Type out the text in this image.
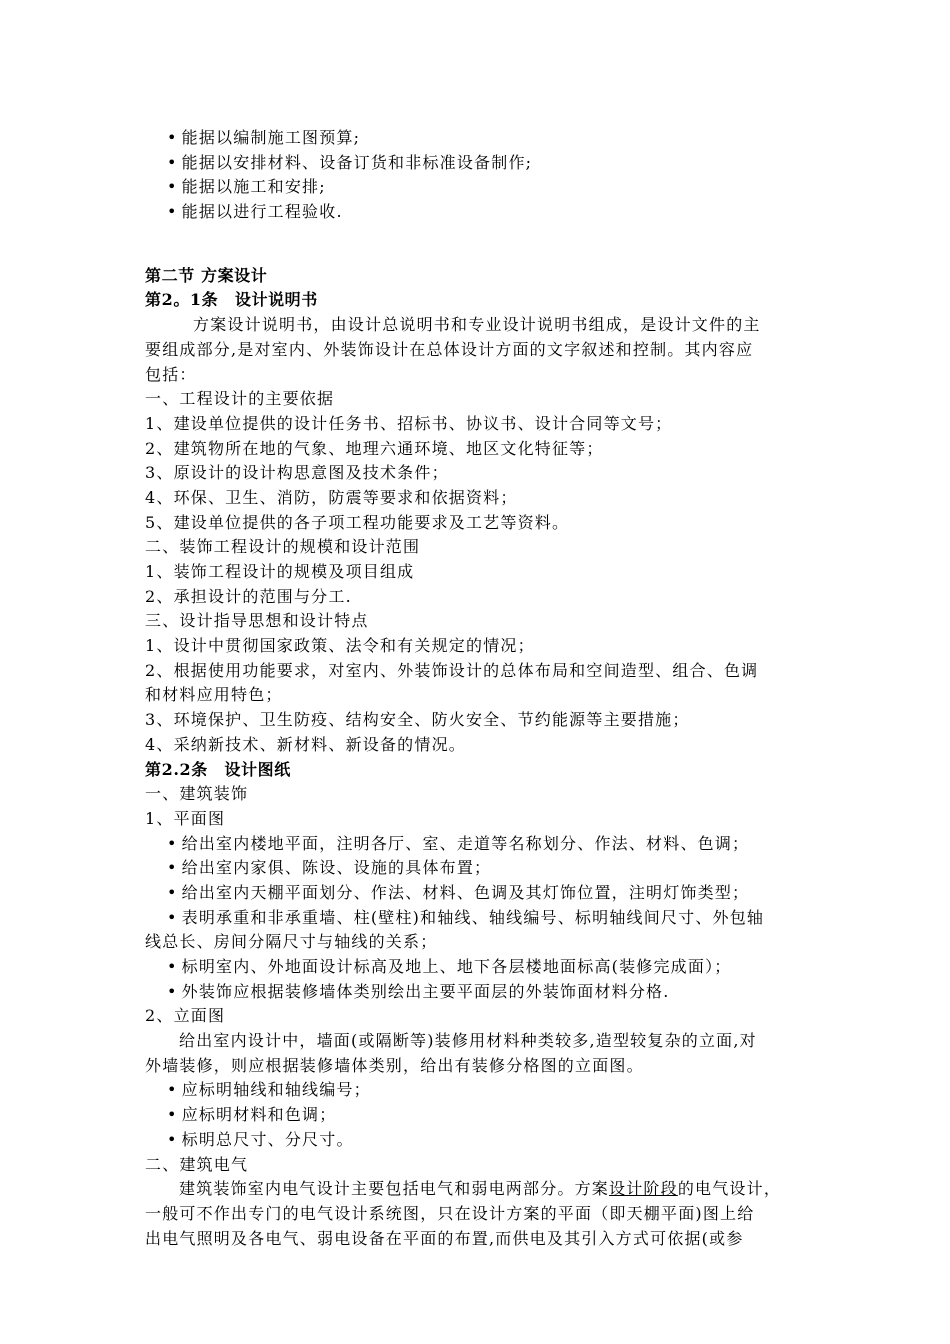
• 能据以编制施工图预算;
• 能据以安排材料、设备订货和非标准设备制作;
• 能据以施工和安排;
• 能据以进行工程验收.
第二节 方案设计
第2。1条　设计说明书
方案设计说明书，由设计总说明书和专业设计说明书组成，是设计文件的主
要组成部分,是对室内、外装饰设计在总体设计方面的文字叙述和控制。其内容应
包括：
一、工程设计的主要依据
1、建设单位提供的设计任务书、招标书、协议书、设计合同等文号；
2、建筑物所在地的气象、地理六通环境、地区文化特征等；
3、原设计的设计构思意图及技术条件；
4、环保、卫生、消防，防震等要求和依据资料；
5、建设单位提供的各子项工程功能要求及工艺等资料。
二、装饰工程设计的规模和设计范围
1、装饰工程设计的规模及项目组成
2、承担设计的范围与分工.
三、设计指导思想和设计特点
1、设计中贯彻国家政策、法令和有关规定的情况；
2、根据使用功能要求，对室内、外装饰设计的总体布局和空间造型、组合、色调
和材料应用特色；
3、环境保护、卫生防疫、结构安全、防火安全、节约能源等主要措施；
4、采纳新技术、新材料、新设备的情况。
第2.2条　设计图纸
一、建筑装饰
1、平面图
• 给出室内楼地平面，注明各厅、室、走道等名称划分、作法、材料、色调；
• 给出室内家俱、陈设、设施的具体布置；
• 给出室内天棚平面划分、作法、材料、色调及其灯饰位置，注明灯饰类型；
• 表明承重和非承重墙、柱(壁柱)和轴线、轴线编号、标明轴线间尺寸、外包轴
线总长、房间分隔尺寸与轴线的关系；
• 标明室内、外地面设计标高及地上、地下各层楼地面标高(装修完成面）；
• 外装饰应根据装修墙体类别绘出主要平面层的外装饰面材料分格.
2、立面图
给出室内设计中，墙面(或隔断等)装修用材料种类较多,造型较复杂的立面,对
外墙装修，则应根据装修墙体类别，给出有装修分格图的立面图。
• 应标明轴线和轴线编号；
• 应标明材料和色调；
• 标明总尺寸、分尺寸。
二、建筑电气
建筑装饰室内电气设计主要包括电气和弱电两部分。方案设计阶段的电气设计，
一般可不作出专门的电气设计系统图，只在设计方案的平面（即天棚平面)图上给
出电气照明及各电气、弱电设备在平面的布置,而供电及其引入方式可依据(或参
